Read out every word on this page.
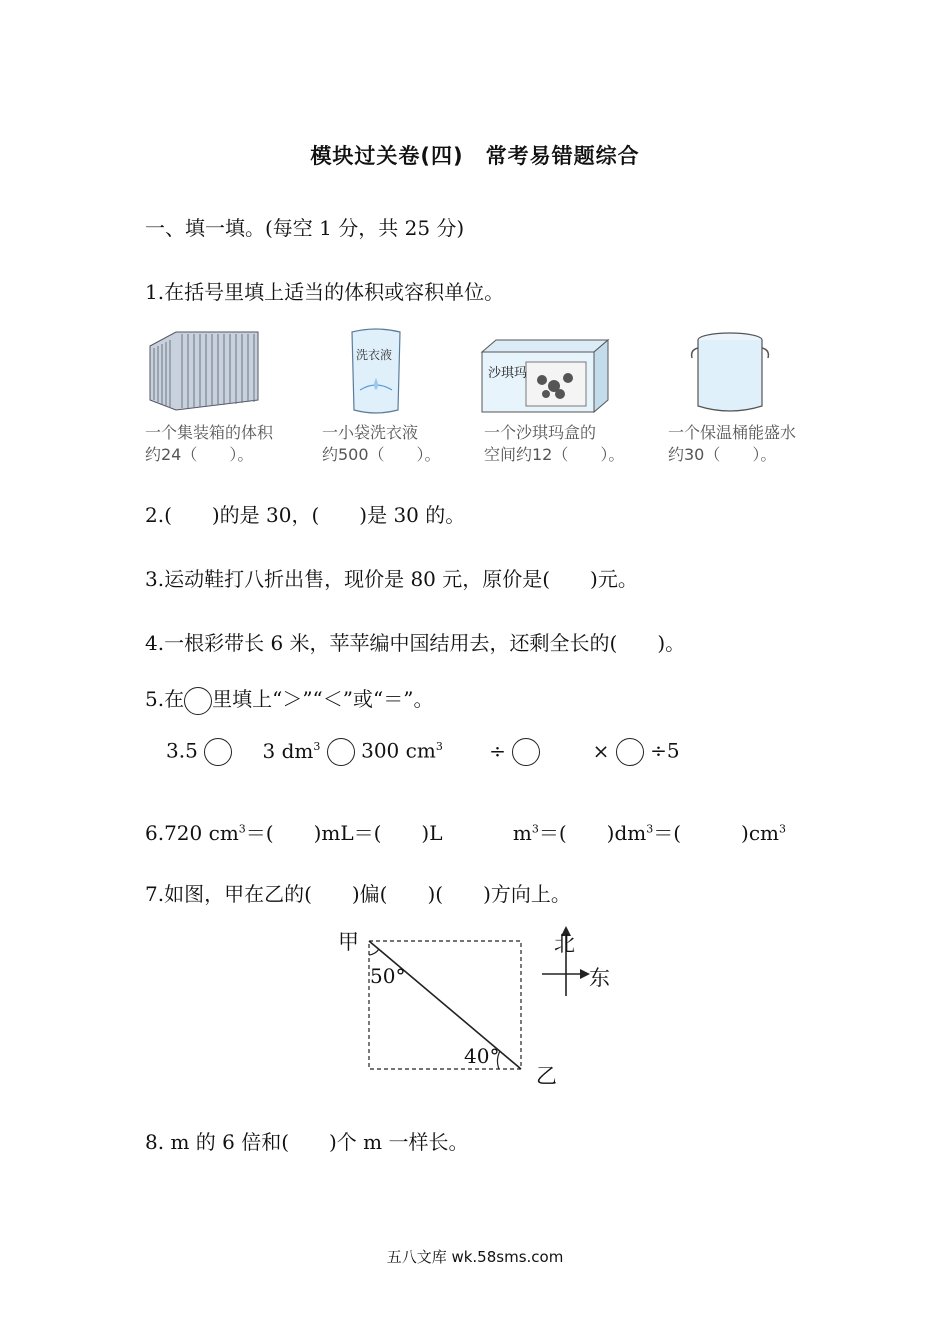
模块过关卷(四)　常考易错题综合
一、填一填。(每空 1 分，共 25 分)
1.在括号里填上适当的体积或容积单位。
洗衣液
沙琪玛
一个集装箱的体积
约24（　　）。
一小袋洗衣液
约500（　　）。
一个沙琪玛盒的
空间约12（　　）。
一个保温桶能盛水
约30（　　）。
2.(　　)的是 30，(　　)是 30 的。
3.运动鞋打八折出售，现价是 80 元，原价是(　　)元。
4.一根彩带长 6 米，苹苹编中国结用去，还剩全长的(　　)。
5.在 里填上“＞”“＜”或“＝”。
3.5	3 $dm^3$ 300 $cm^3$ ÷	× ÷5
6.720 $cm^3=$(　　)mL＝(　　)L	$m^3=$(　　)$dm^3=$(　　　)$cm^3$
7.如图，甲在乙的(　　)偏(　　)(　　)方向上。
甲
50°
40°
乙
北
东
8. m 的 6 倍和(　　)个 m 一样长。
五八文库 wk.58sms.com
